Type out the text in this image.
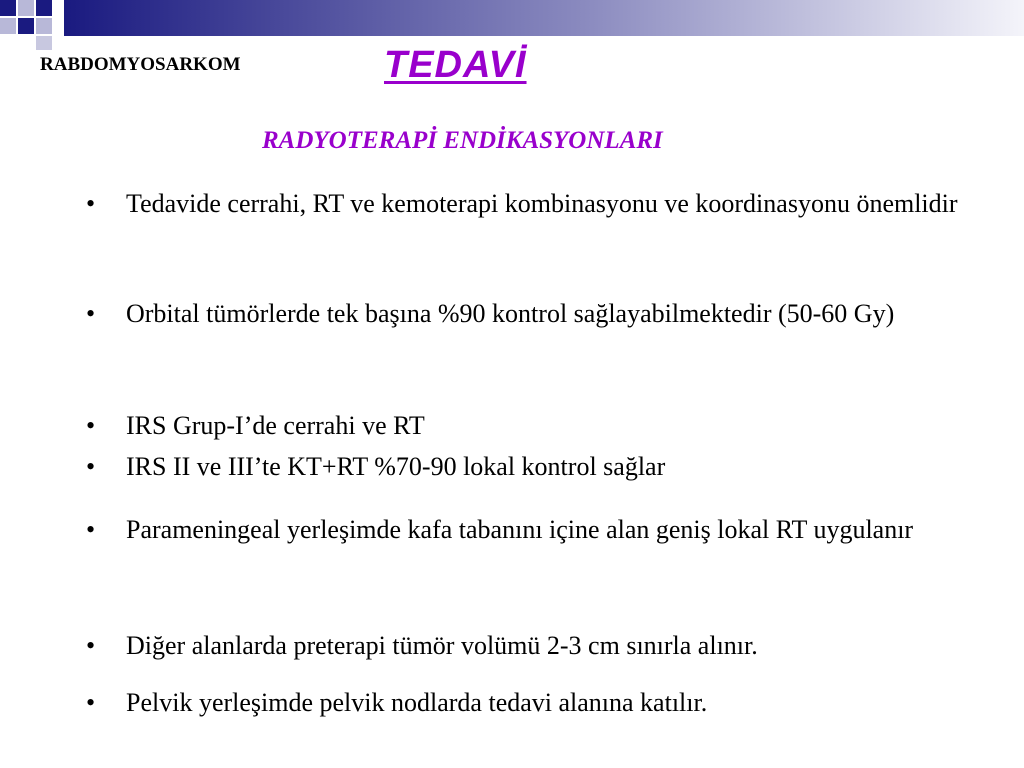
RABDOMYOSARKOM	TEDAVİ
RADYOTERAPİ ENDİKASYONLARI
•	Tedavide cerrahi, RT ve kemoterapi kombinasyonu ve koordinasyonu önemlidir
•	Orbital tümörlerde tek başına %90 kontrol sağlayabilmektedir (50-60 Gy)
•	IRS Grup-I’de cerrahi ve RT
•	IRS II ve III’te KT+RT %70-90 lokal kontrol sağlar
•	Parameningeal yerleşimde kafa tabanını içine alan geniş lokal RT uygulanır
•	Diğer alanlarda preterapi tümör volümü 2-3 cm sınırla alınır.
•	Pelvik yerleşimde pelvik nodlarda tedavi alanına katılır.
